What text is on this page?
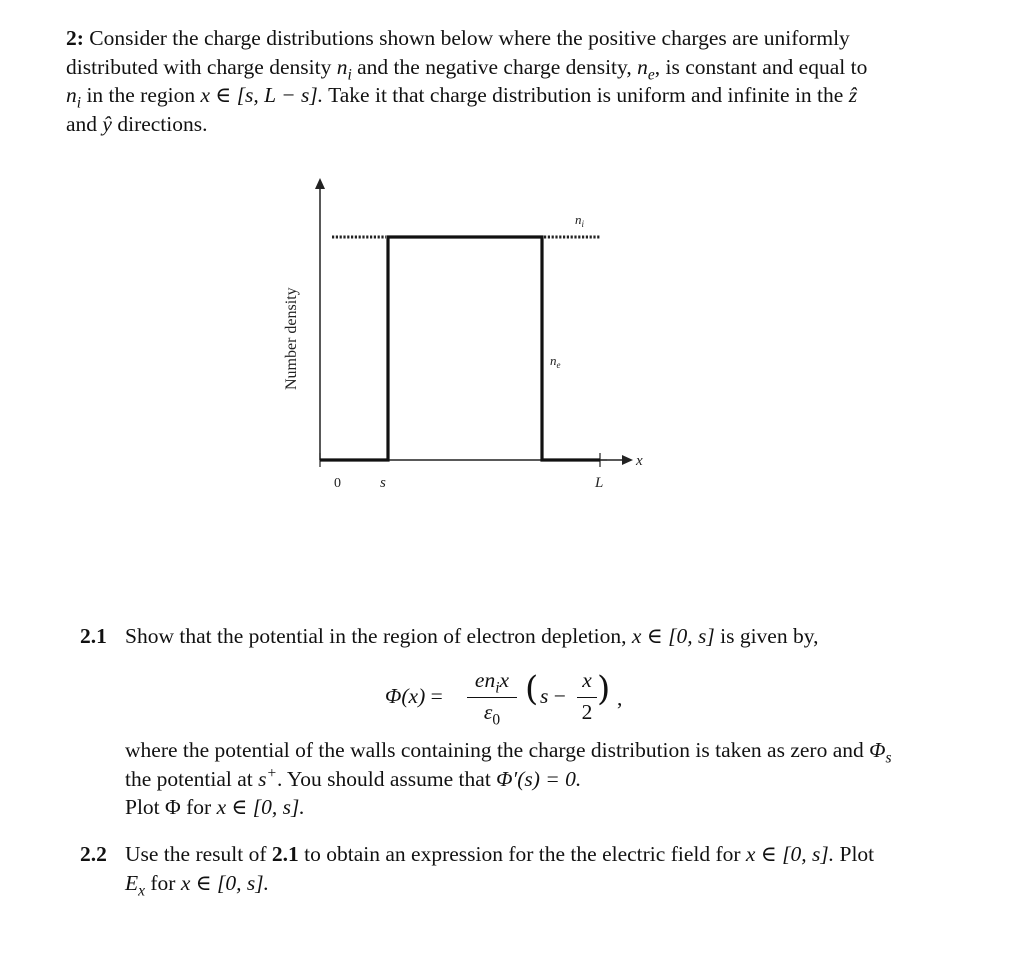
2: Consider the charge distributions shown below where the positive charges are uniformly distributed with charge density $n_i$ and the negative charge density, $n_e$, is constant and equal to $n_i$ in the region x ∈ [s, L − s]. Take it that charge distribution is uniform and infinite in the ẑ and ŷ directions.
0	s	L
x
Number density
$n_i$
$n_e$
2.1 Show that the potential in the region of electron depletion, x ∈ [0, s] is given by,
Φ(x) =
$en_ix$
$\varepsilon_0$
( s −
x
2
) ,
where the potential of the walls containing the charge distribution is taken as zero and $\Phi_s$ the potential at s+. You should assume that Φ′(s) = 0.
Plot Φ for x ∈ [0, s].
2.2 Use the result of 2.1 to obtain an expression for the the electric field for x ∈ [0, s]. Plot $E_x$ for x ∈ [0, s].
